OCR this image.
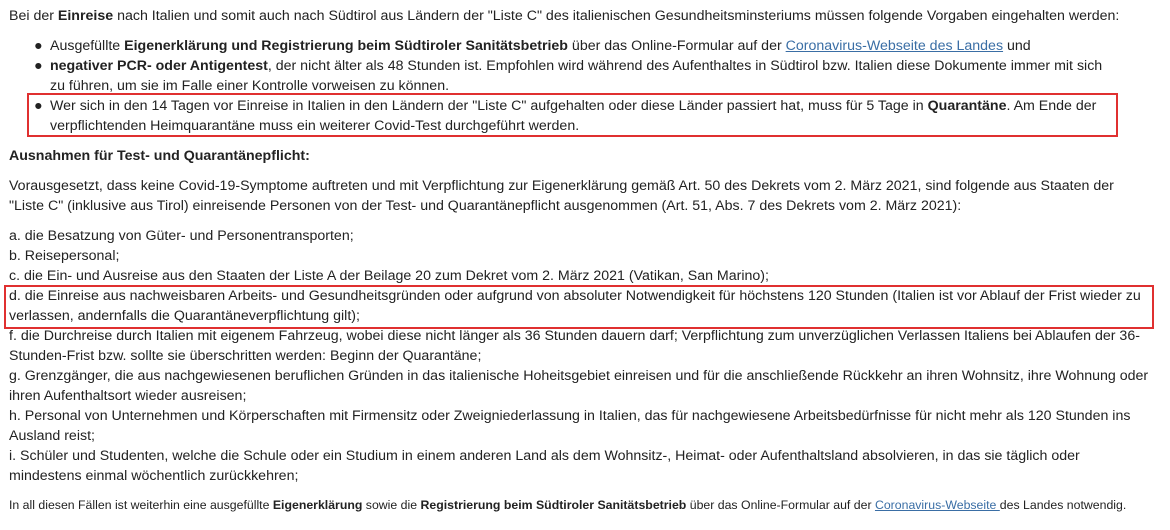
Bei der Einreise nach Italien und somit auch nach Südtirol aus Ländern der "Liste C" des italienischen Gesundheitsminsteriums müssen folgende Vorgaben eingehalten werden:
● Ausgefüllte Eigenerklärung und Registrierung beim Südtiroler Sanitätsbetrieb über das Online-Formular auf der Coronavirus-Webseite des Landes und
● negativer PCR- oder Antigentest, der nicht älter als 48 Stunden ist. Empfohlen wird während des Aufenthaltes in Südtirol bzw. Italien diese Dokumente immer mit sich zu führen, um sie im Falle einer Kontrolle vorweisen zu können.
● Wer sich in den 14 Tagen vor Einreise in Italien in den Ländern der "Liste C" aufgehalten oder diese Länder passiert hat, muss für 5 Tage in Quarantäne. Am Ende der verpflichtenden Heimquarantäne muss ein weiterer Covid-Test durchgeführt werden.
Ausnahmen für Test- und Quarantänepflicht:
Vorausgesetzt, dass keine Covid-19-Symptome auftreten und mit Verpflichtung zur Eigenerklärung gemäß Art. 50 des Dekrets vom 2. März 2021, sind folgende aus Staaten der "Liste C" (inklusive aus Tirol) einreisende Personen von der Test- und Quarantänepflicht ausgenommen (Art. 51, Abs. 7 des Dekrets vom 2. März 2021):
a. die Besatzung von Güter- und Personentransporten;
b. Reisepersonal;
c. die Ein- und Ausreise aus den Staaten der Liste A der Beilage 20 zum Dekret vom 2. März 2021 (Vatikan, San Marino);
d. die Einreise aus nachweisbaren Arbeits- und Gesundheitsgründen oder aufgrund von absoluter Notwendigkeit für höchstens 120 Stunden (Italien ist vor Ablauf der Frist wieder zu verlassen, andernfalls die Quarantäneverpflichtung gilt);
f. die Durchreise durch Italien mit eigenem Fahrzeug, wobei diese nicht länger als 36 Stunden dauern darf; Verpflichtung zum unverzüglichen Verlassen Italiens bei Ablaufen der 36-Stunden-Frist bzw. sollte sie überschritten werden: Beginn der Quarantäne;
g. Grenzgänger, die aus nachgewiesenen beruflichen Gründen in das italienische Hoheitsgebiet einreisen und für die anschließende Rückkehr an ihren Wohnsitz, ihre Wohnung oder ihren Aufenthaltsort wieder ausreisen;
h. Personal von Unternehmen und Körperschaften mit Firmensitz oder Zweigniederlassung in Italien, das für nachgewiesene Arbeitsbedürfnisse für nicht mehr als 120 Stunden ins Ausland reist;
i. Schüler und Studenten, welche die Schule oder ein Studium in einem anderen Land als dem Wohnsitz-, Heimat- oder Aufenthaltsland absolvieren, in das sie täglich oder mindestens einmal wöchentlich zurückkehren;
In all diesen Fällen ist weiterhin eine ausgefüllte Eigenerklärung sowie die Registrierung beim Südtiroler Sanitätsbetrieb über das Online-Formular auf der Coronavirus-Webseite des Landes notwendig.
